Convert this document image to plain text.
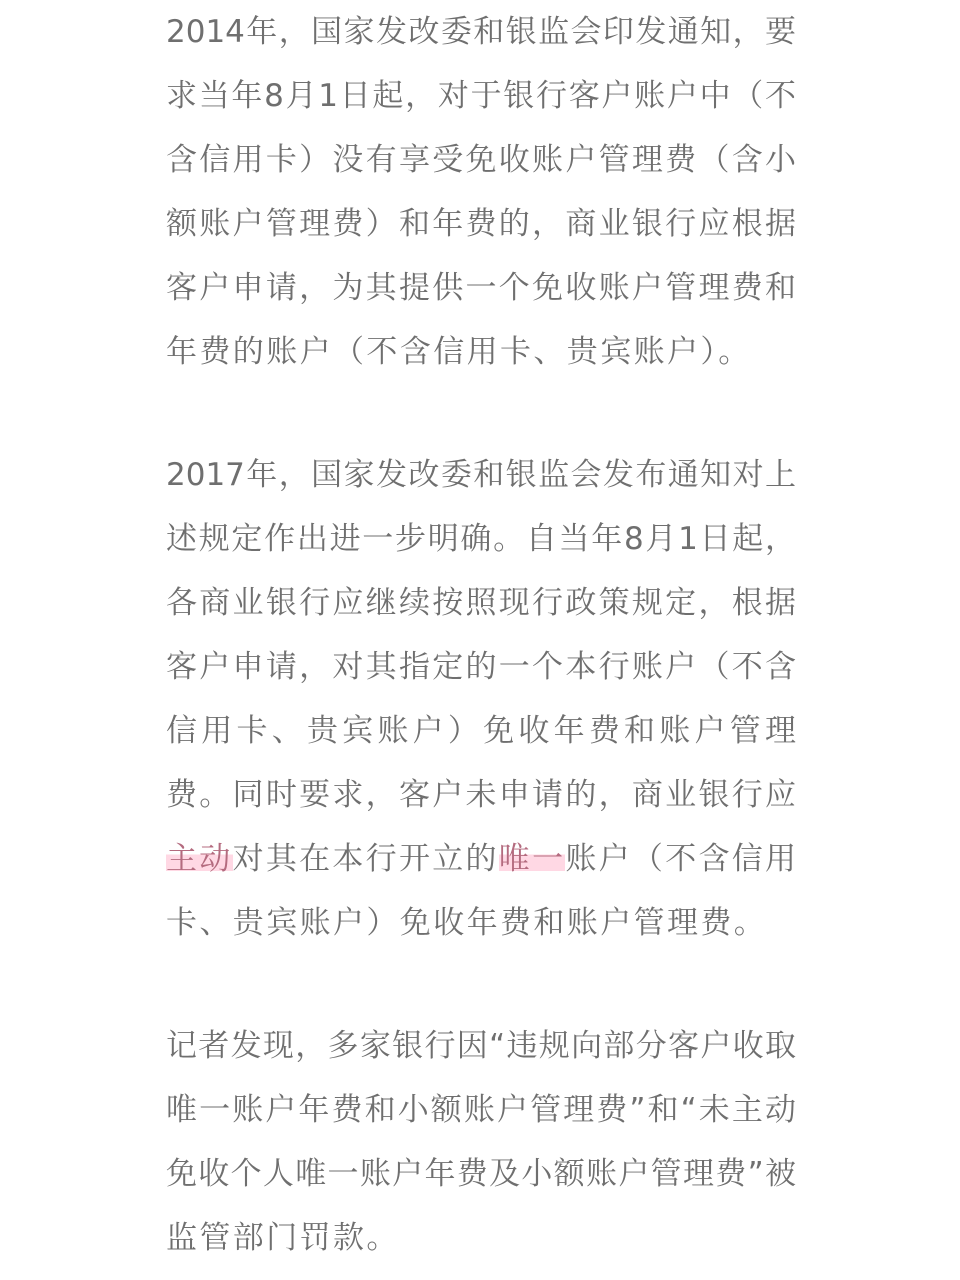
2014年，国家发改委和银监会印发通知，要
求当年8月1日起，对于银行客户账户中（不
含信用卡）没有享受免收账户管理费（含小
额账户管理费）和年费的，商业银行应根据
客户申请，为其提供一个免收账户管理费和
年费的账户（不含信用卡、贵宾账户）。
2017年，国家发改委和银监会发布通知对上
述规定作出进一步明确。自当年8月1日起，
各商业银行应继续按照现行政策规定，根据
客户申请，对其指定的一个本行账户（不含
信用卡、贵宾账户）免收年费和账户管理
费。同时要求，客户未申请的，商业银行应
主动对其在本行开立的唯一账户（不含信用
卡、贵宾账户）免收年费和账户管理费。
记者发现，多家银行因“违规向部分客户收取
唯一账户年费和小额账户管理费”和“未主动
免收个人唯一账户年费及小额账户管理费”被
监管部门罚款。
